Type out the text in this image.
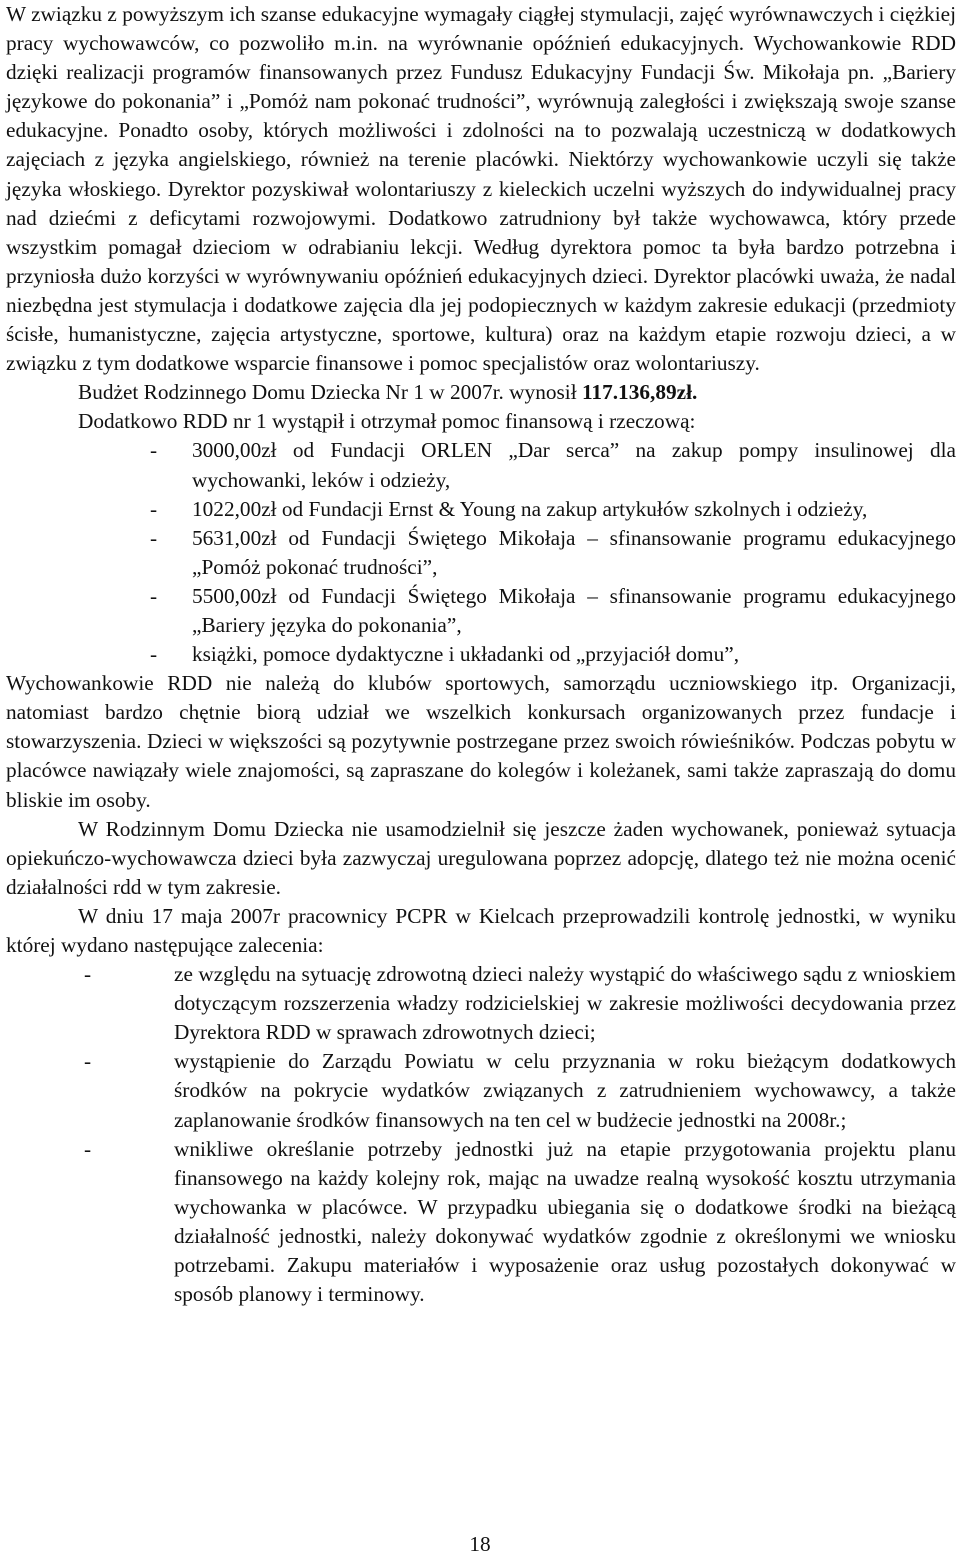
W związku z powyższym ich szanse edukacyjne wymagały ciągłej stymulacji, zajęć wyrównawczych i ciężkiej pracy wychowawców, co pozwoliło m.in. na wyrównanie opóźnień edukacyjnych. Wychowankowie RDD dzięki realizacji programów finansowanych przez Fundusz Edukacyjny Fundacji Św. Mikołaja pn. „Bariery językowe do pokonania” i „Pomóż nam pokonać trudności”, wyrównują zaległości i zwiększają swoje szanse edukacyjne. Ponadto osoby, których możliwości i zdolności na to pozwalają uczestniczą w dodatkowych zajęciach z języka angielskiego, również na terenie placówki. Niektórzy wychowankowie uczyli się także języka włoskiego. Dyrektor pozyskiwał wolontariuszy z kieleckich uczelni wyższych do indywidualnej pracy nad dziećmi z deficytami rozwojowymi. Dodatkowo zatrudniony był także wychowawca, który przede wszystkim pomagał dzieciom w odrabianiu lekcji. Według dyrektora pomoc ta była bardzo potrzebna i przyniosła dużo korzyści w wyrównywaniu opóźnień edukacyjnych dzieci. Dyrektor placówki uważa, że nadal niezbędna jest stymulacja i dodatkowe zajęcia dla jej podopiecznych w każdym zakresie edukacji (przedmioty ścisłe, humanistyczne, zajęcia artystyczne, sportowe, kultura) oraz na każdym etapie rozwoju dzieci, a w związku z tym dodatkowe wsparcie finansowe i pomoc specjalistów oraz wolontariuszy.

Budżet Rodzinnego Domu Dziecka Nr 1 w 2007r. wynosił 117.136,89zł.

Dodatkowo RDD nr 1 wystąpił i otrzymał pomoc finansową i rzeczową:

- 3000,00zł od Fundacji ORLEN „Dar serca” na zakup pompy insulinowej dla wychowanki, leków i odzieży,

- 1022,00zł od Fundacji Ernst & Young na zakup artykułów szkolnych i odzieży,

- 5631,00zł od Fundacji Świętego Mikołaja – sfinansowanie programu edukacyjnego „Pomóż pokonać trudności”,

- 5500,00zł od Fundacji Świętego Mikołaja – sfinansowanie programu edukacyjnego „Bariery języka do pokonania”,

- książki, pomoce dydaktyczne i układanki od „przyjaciół domu”,

Wychowankowie RDD nie należą do klubów sportowych, samorządu uczniowskiego itp. Organizacji, natomiast bardzo chętnie biorą udział we wszelkich konkursach organizowanych przez fundacje i stowarzyszenia. Dzieci w większości są pozytywnie postrzegane przez swoich rówieśników. Podczas pobytu w placówce nawiązały wiele znajomości, są zapraszane do kolegów i koleżanek, sami także zapraszają do domu bliskie im osoby.

W Rodzinnym Domu Dziecka nie usamodzielnił się jeszcze żaden wychowanek, ponieważ sytuacja opiekuńczo-wychowawcza dzieci była zazwyczaj uregulowana poprzez adopcję, dlatego też nie można ocenić działalności rdd w tym zakresie.

W dniu 17 maja 2007r pracownicy PCPR w Kielcach przeprowadzili kontrolę jednostki, w wyniku której wydano następujące zalecenia:

-	ze względu na sytuację zdrowotną dzieci należy wystąpić do właściwego sądu z wnioskiem dotyczącym rozszerzenia władzy rodzicielskiej w zakresie możliwości decydowania przez Dyrektora RDD w sprawach zdrowotnych dzieci;

-	wystąpienie do Zarządu Powiatu w celu przyznania w roku bieżącym dodatkowych środków na pokrycie wydatków związanych z zatrudnieniem wychowawcy, a także zaplanowanie środków finansowych na ten cel w budżecie jednostki na 2008r.;

-	wnikliwe określanie potrzeby jednostki już na etapie przygotowania projektu planu finansowego na każdy kolejny rok, mając na uwadze realną wysokość kosztu utrzymania wychowanka w placówce. W przypadku ubiegania się o dodatkowe środki na bieżącą działalność jednostki, należy dokonywać wydatków zgodnie z określonymi we wniosku potrzebami. Zakupu materiałów i wyposażenie oraz usług pozostałych dokonywać w sposób planowy i terminowy.

18
